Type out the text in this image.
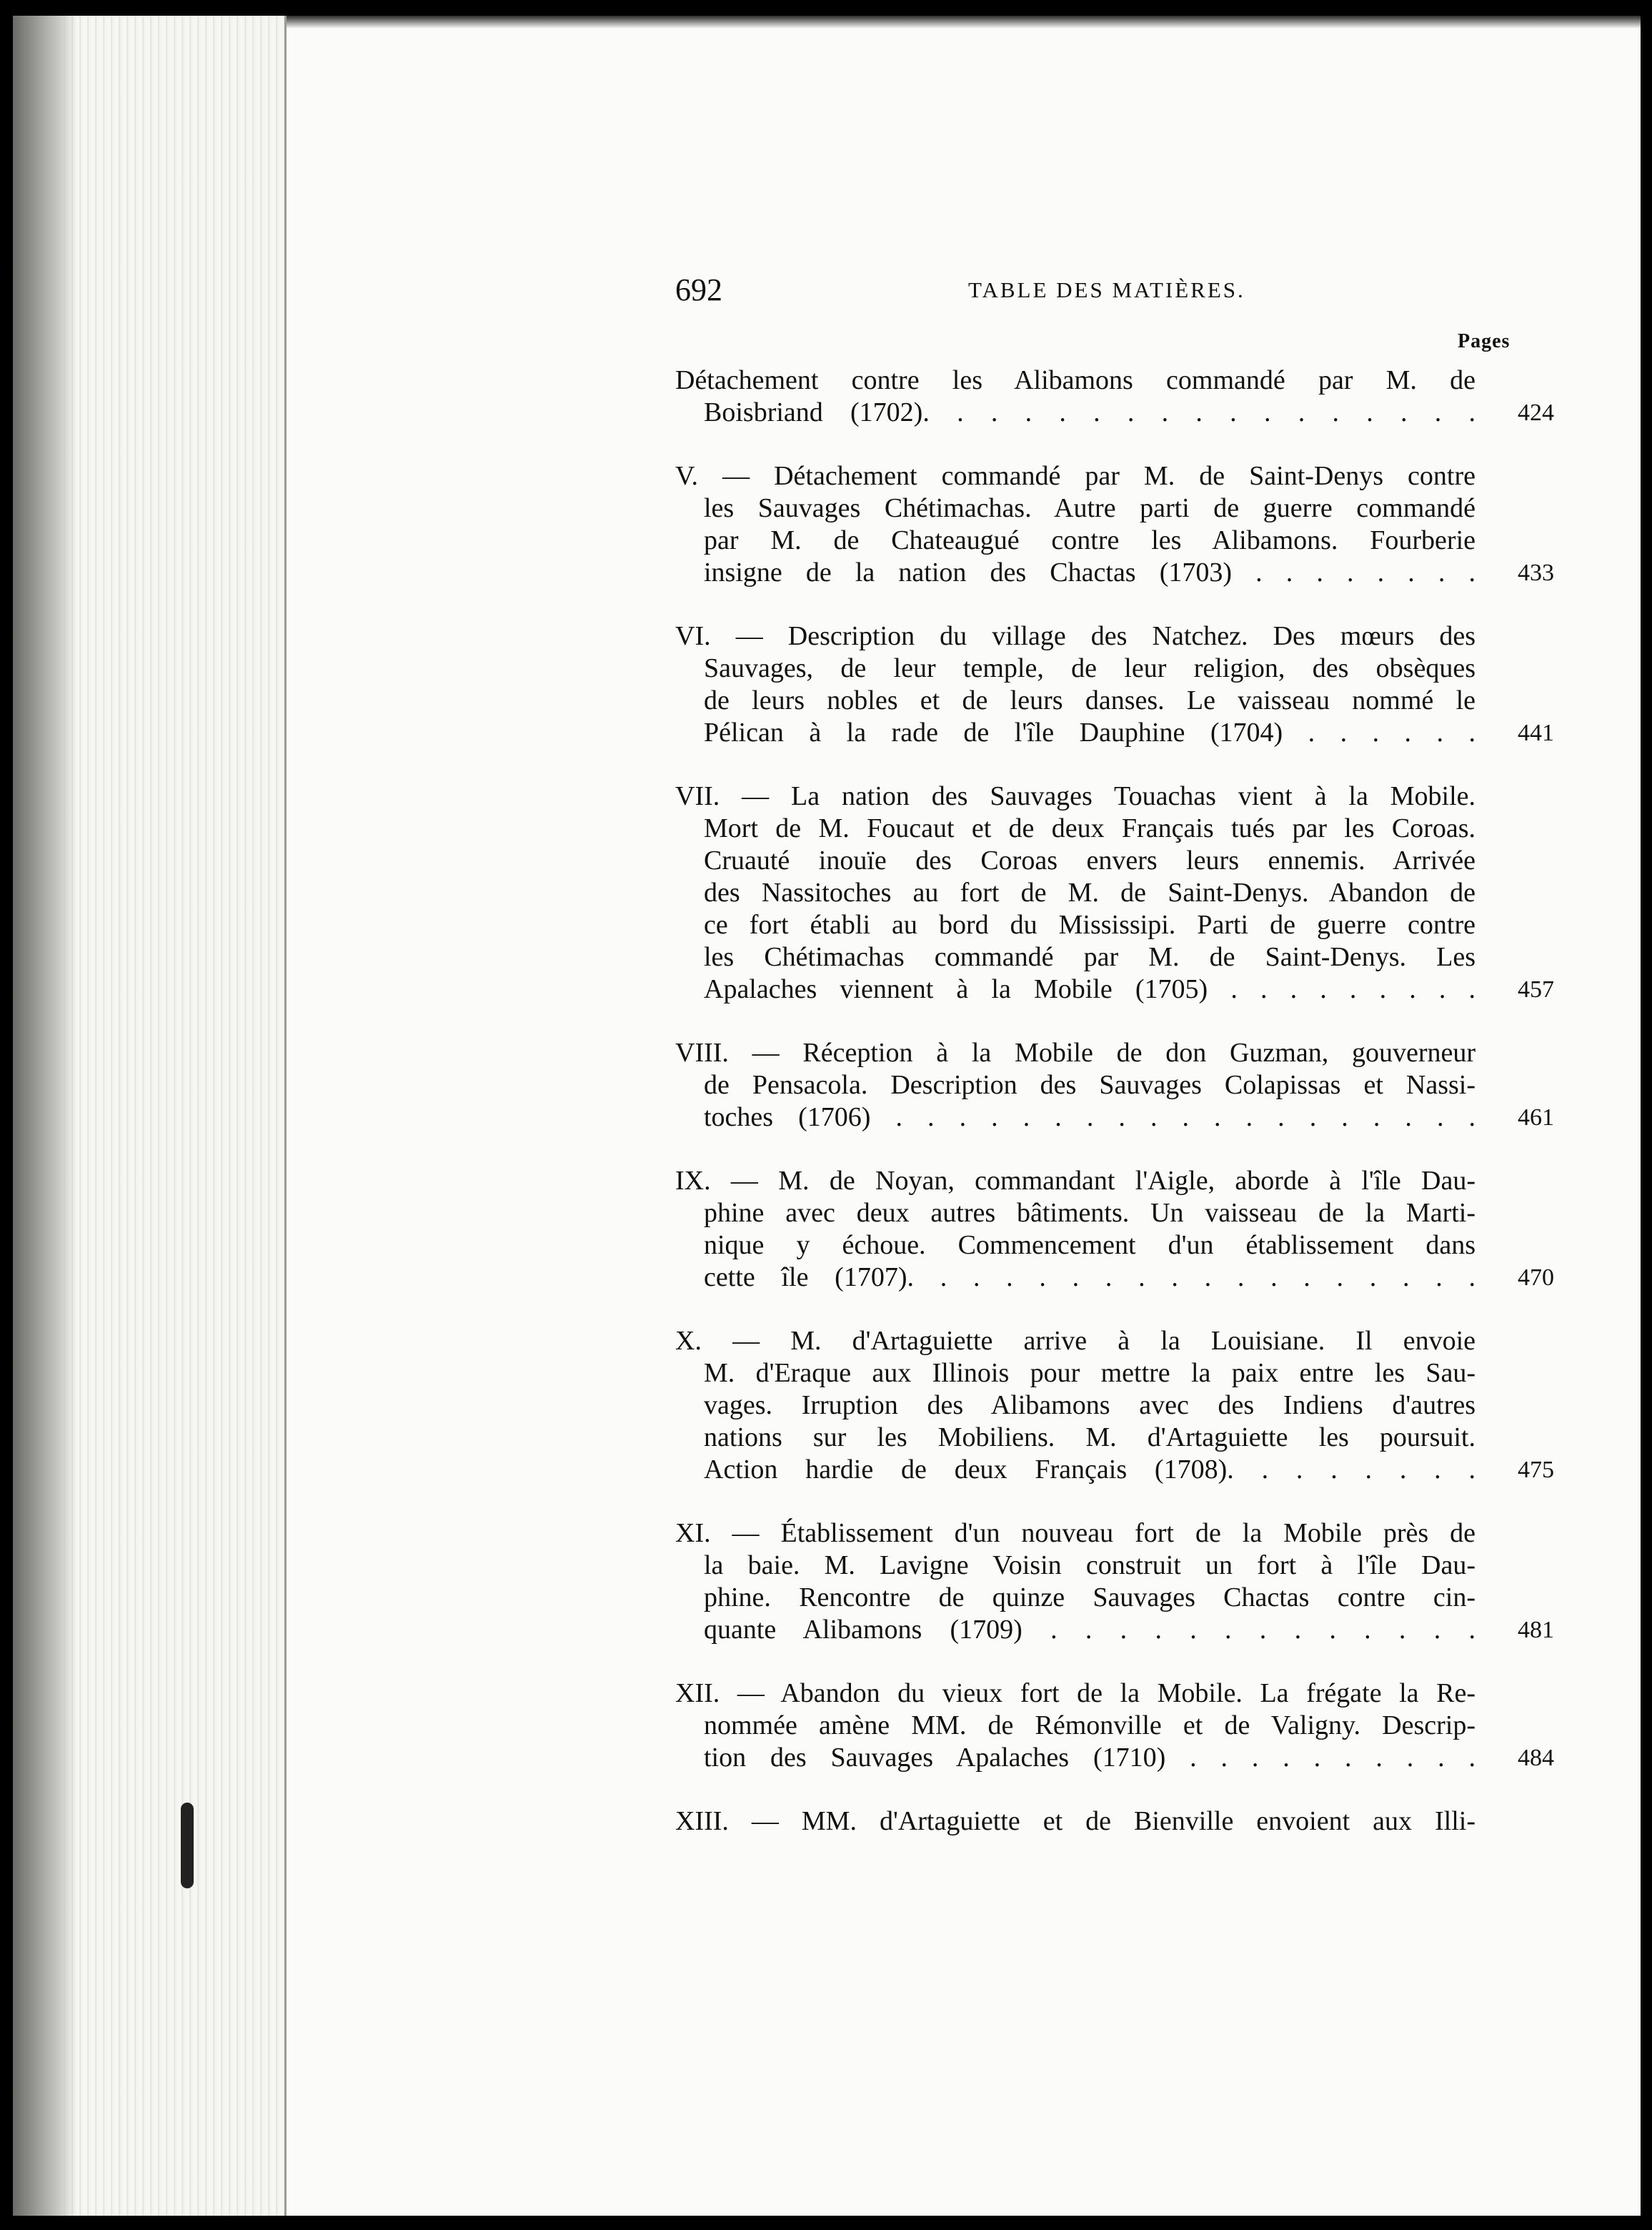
692	TABLE DES MATIÈRES.
Pages
Détachement contre les Alibamons commandé par M. de
Boisbriand (1702). . . . . . . . . . . . . . . . .	424
V. — Détachement commandé par M. de Saint-Denys contre
les Sauvages Chétimachas. Autre parti de guerre commandé
par M. de Chateaugué contre les Alibamons. Fourberie
insigne de la nation des Chactas (1703) . . . . . . . .	433
VI. — Description du village des Natchez. Des mœurs des
Sauvages, de leur temple, de leur religion, des obsèques
de leurs nobles et de leurs danses. Le vaisseau nommé le
Pélican à la rade de l'île Dauphine (1704) . . . . . .	441
VII. — La nation des Sauvages Touachas vient à la Mobile.
Mort de M. Foucaut et de deux Français tués par les Coroas.
Cruauté inouïe des Coroas envers leurs ennemis. Arrivée
des Nassitoches au fort de M. de Saint-Denys. Abandon de
ce fort établi au bord du Mississipi. Parti de guerre contre
les Chétimachas commandé par M. de Saint-Denys. Les
Apalaches viennent à la Mobile (1705) . . . . . . . . .	457
VIII. — Réception à la Mobile de don Guzman, gouverneur
de Pensacola. Description des Sauvages Colapissas et Nassi-
toches (1706) . . . . . . . . . . . . . . . . . . .	461
IX. — M. de Noyan, commandant l'Aigle, aborde à l'île Dau-
phine avec deux autres bâtiments. Un vaisseau de la Marti-
nique y échoue. Commencement d'un établissement dans
cette île (1707). . . . . . . . . . . . . . . . . .	470
X. — M. d'Artaguiette arrive à la Louisiane. Il envoie
M. d'Eraque aux Illinois pour mettre la paix entre les Sau-
vages. Irruption des Alibamons avec des Indiens d'autres
nations sur les Mobiliens. M. d'Artaguiette les poursuit.
Action hardie de deux Français (1708). . . . . . . .	475
XI. — Établissement d'un nouveau fort de la Mobile près de
la baie. M. Lavigne Voisin construit un fort à l'île Dau-
phine. Rencontre de quinze Sauvages Chactas contre cin-
quante Alibamons (1709) . . . . . . . . . . . . .	481
XII. — Abandon du vieux fort de la Mobile. La frégate la Re-
nommée amène MM. de Rémonville et de Valigny. Descrip-
tion des Sauvages Apalaches (1710) . . . . . . . . . .	484
XIII. — MM. d'Artaguiette et de Bienville envoient aux Illi-
